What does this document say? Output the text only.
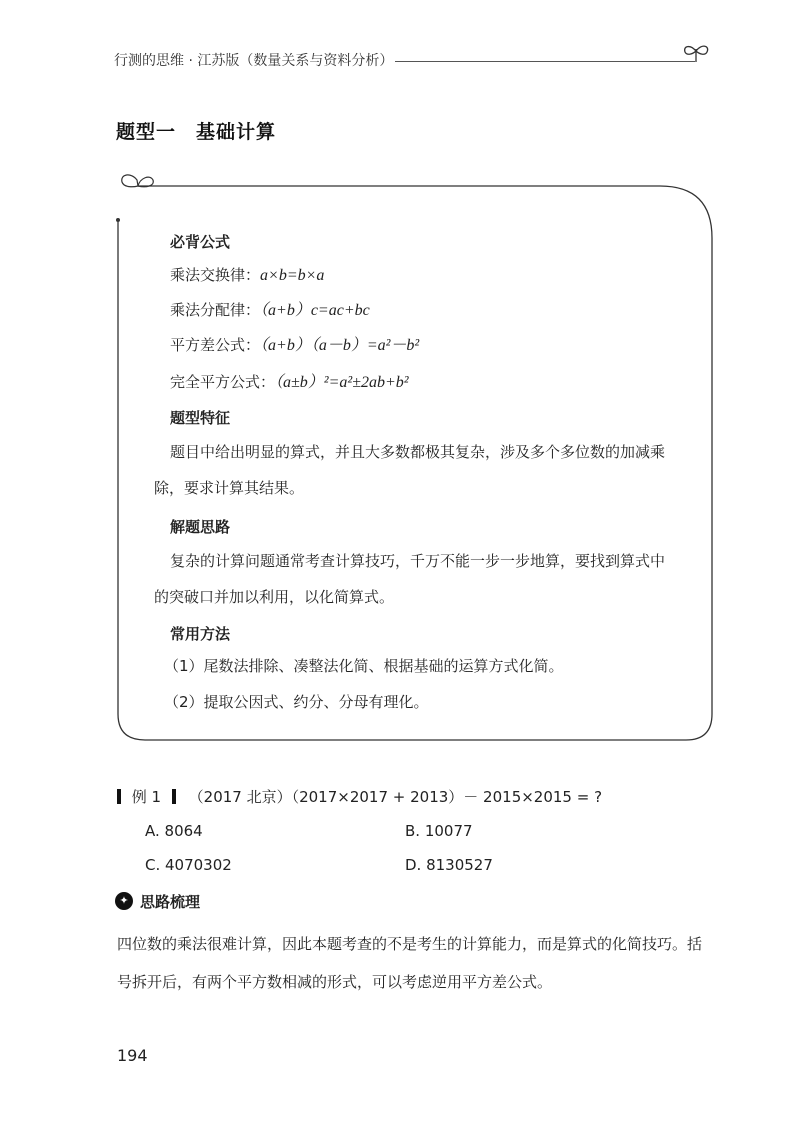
行测的思维 · 江苏版（数量关系与资料分析）
题型一　基础计算
必背公式
乘法交换律：a×b=b×a
乘法分配律：（a+b）c=ac+bc
平方差公式：（a+b）（a－b）=a²－b²
完全平方公式：（a±b）²=a²±2ab+b²
题型特征
题目中给出明显的算式，并且大多数都极其复杂，涉及多个多位数的加减乘除，要求计算其结果。
解题思路
复杂的计算问题通常考查计算技巧，千万不能一步一步地算，要找到算式中的突破口并加以利用，以化简算式。
常用方法
（1）尾数法排除、凑整法化简、根据基础的运算方式化简。
（2）提取公因式、约分、分母有理化。
例 1 （2017 北京）（2017×2017 + 2013）－ 2015×2015 = ?
A. 8064	B. 10077
C. 4070302	D. 8130527
✦ 思路梳理
四位数的乘法很难计算，因此本题考查的不是考生的计算能力，而是算式的化简技巧。括号拆开后，有两个平方数相减的形式，可以考虑逆用平方差公式。
194
